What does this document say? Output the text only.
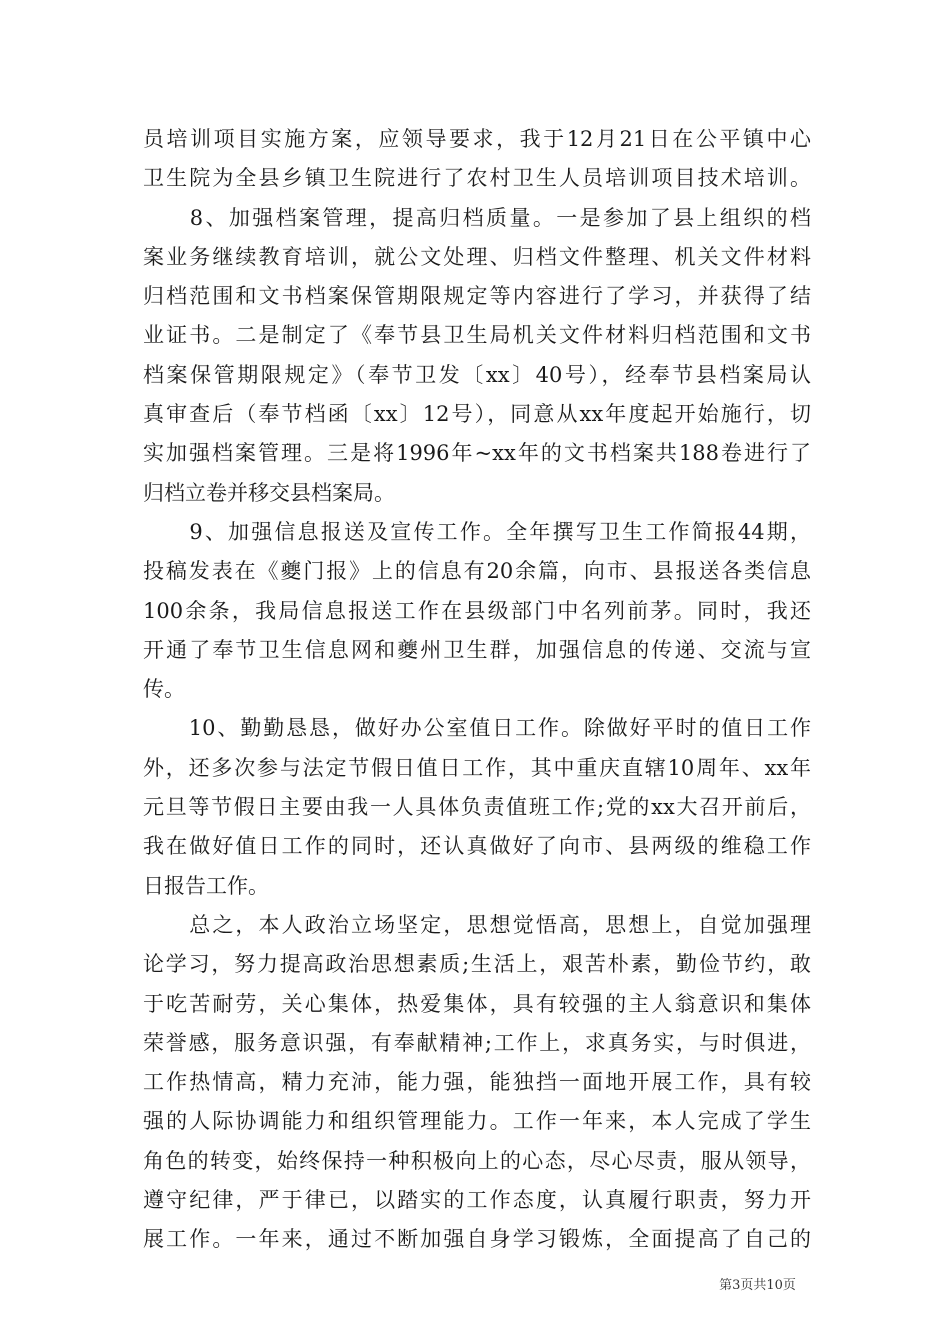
员培训项目实施方案，应领导要求，我于12月21日在公平镇中心
卫生院为全县乡镇卫生院进行了农村卫生人员培训项目技术培训。
　　8、加强档案管理，提高归档质量。一是参加了县上组织的档
案业务继续教育培训，就公文处理、归档文件整理、机关文件材料
归档范围和文书档案保管期限规定等内容进行了学习，并获得了结
业证书。二是制定了《奉节县卫生局机关文件材料归档范围和文书
档案保管期限规定》（奉节卫发〔xx〕40号），经奉节县档案局认
真审查后（奉节档函〔xx〕12号），同意从xx年度起开始施行，切
实加强档案管理。三是将1996年~xx年的文书档案共188卷进行了
归档立卷并移交县档案局。
　　9、加强信息报送及宣传工作。全年撰写卫生工作简报44期，
投稿发表在《夔门报》上的信息有20余篇，向市、县报送各类信息
100余条，我局信息报送工作在县级部门中名列前茅。同时，我还
开通了奉节卫生信息网和夔州卫生群，加强信息的传递、交流与宣
传。
　　10、勤勤恳恳，做好办公室值日工作。除做好平时的值日工作
外，还多次参与法定节假日值日工作，其中重庆直辖10周年、xx年
元旦等节假日主要由我一人具体负责值班工作;党的xx大召开前后，
我在做好值日工作的同时，还认真做好了向市、县两级的维稳工作
日报告工作。
　　总之，本人政治立场坚定，思想觉悟高，思想上，自觉加强理
论学习，努力提高政治思想素质;生活上，艰苦朴素，勤俭节约，敢
于吃苦耐劳，关心集体，热爱集体，具有较强的主人翁意识和集体
荣誉感，服务意识强，有奉献精神;工作上，求真务实，与时俱进，
工作热情高，精力充沛，能力强，能独挡一面地开展工作，具有较
强的人际协调能力和组织管理能力。工作一年来，本人完成了学生
角色的转变，始终保持一种积极向上的心态，尽心尽责，服从领导，
遵守纪律，严于律已，以踏实的工作态度，认真履行职责，努力开
展工作。一年来，通过不断加强自身学习锻炼，全面提高了自己的
第3页共10页
